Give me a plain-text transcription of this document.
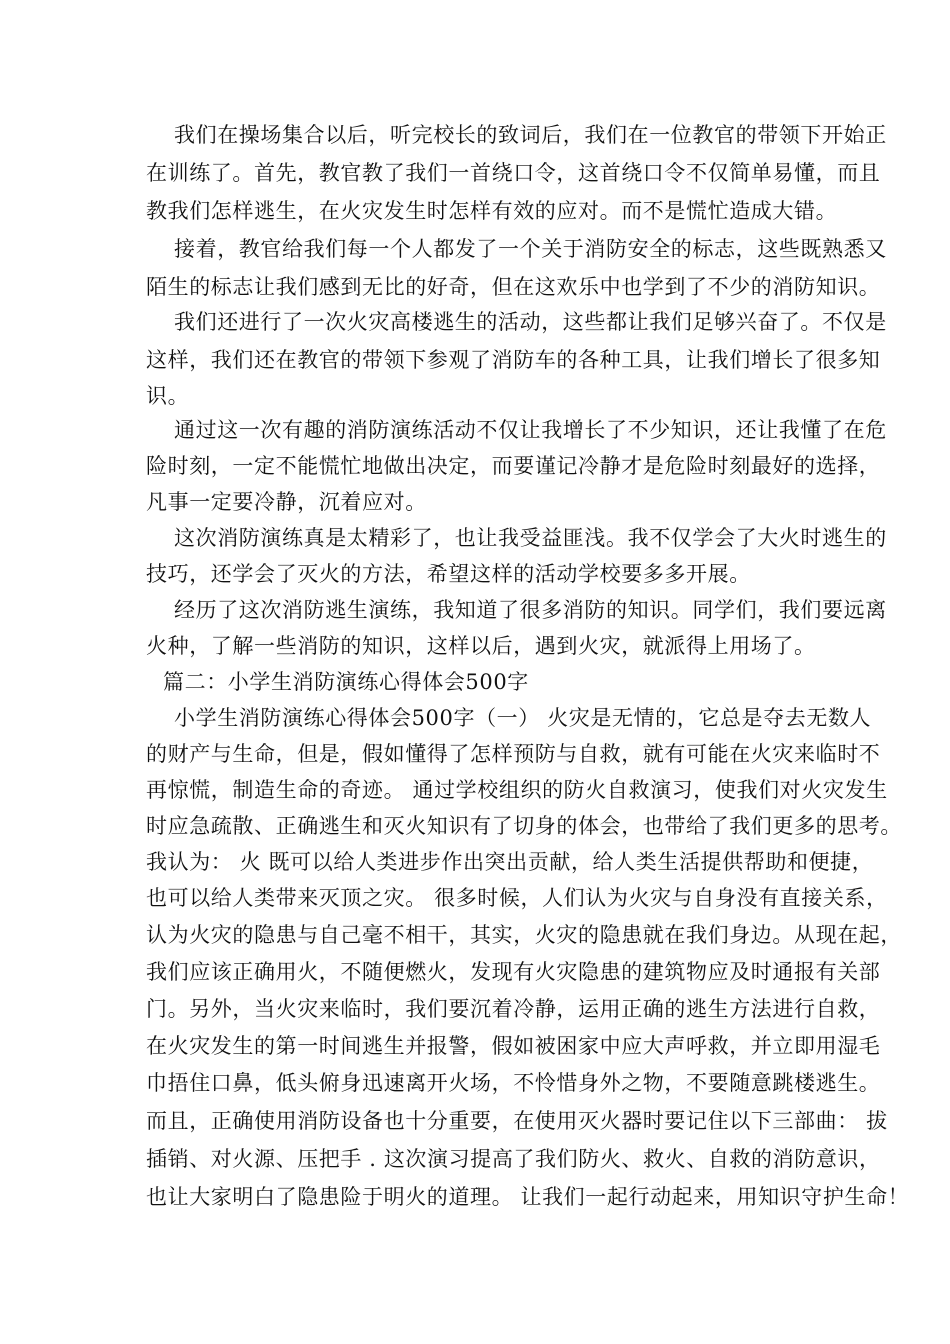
我们在操场集合以后，听完校长的致词后，我们在一位教官的带领下开始正
在训练了。首先，教官教了我们一首绕口令，这首绕口令不仅简单易懂，而且
教我们怎样逃生，在火灾发生时怎样有效的应对。而不是慌忙造成大错。
接着，教官给我们每一个人都发了一个关于消防安全的标志，这些既熟悉又
陌生的标志让我们感到无比的好奇，但在这欢乐中也学到了不少的消防知识。
我们还进行了一次火灾高楼逃生的活动，这些都让我们足够兴奋了。不仅是
这样，我们还在教官的带领下参观了消防车的各种工具，让我们增长了很多知
识。
通过这一次有趣的消防演练活动不仅让我增长了不少知识，还让我懂了在危
险时刻，一定不能慌忙地做出决定，而要谨记冷静才是危险时刻最好的选择，
凡事一定要冷静，沉着应对。
这次消防演练真是太精彩了，也让我受益匪浅。我不仅学会了大火时逃生的
技巧，还学会了灭火的方法，希望这样的活动学校要多多开展。
经历了这次消防逃生演练，我知道了很多消防的知识。同学们，我们要远离
火种，了解一些消防的知识，这样以后，遇到火灾，就派得上用场了。
篇二：小学生消防演练心得体会500字
小学生消防演练心得体会500字（一） 火灾是无情的，它总是夺去无数人
的财产与生命，但是，假如懂得了怎样预防与自救，就有可能在火灾来临时不
再惊慌，制造生命的奇迹。 通过学校组织的防火自救演习，使我们对火灾发生
时应急疏散、正确逃生和灭火知识有了切身的体会，也带给了我们更多的思考。
我认为： 火 既可以给人类进步作出突出贡献，给人类生活提供帮助和便捷，
也可以给人类带来灭顶之灾。 很多时候，人们认为火灾与自身没有直接关系，
认为火灾的隐患与自己毫不相干，其实，火灾的隐患就在我们身边。从现在起，
我们应该正确用火，不随便燃火，发现有火灾隐患的建筑物应及时通报有关部
门。另外，当火灾来临时，我们要沉着冷静，运用正确的逃生方法进行自救，
在火灾发生的第一时间逃生并报警，假如被困家中应大声呼救，并立即用湿毛
巾捂住口鼻，低头俯身迅速离开火场，不怜惜身外之物，不要随意跳楼逃生。
而且，正确使用消防设备也十分重要，在使用灭火器时要记住以下三部曲： 拔
插销、对火源、压把手 . 这次演习提高了我们防火、救火、自救的消防意识，
也让大家明白了隐患险于明火的道理。 让我们一起行动起来，用知识守护生命！
